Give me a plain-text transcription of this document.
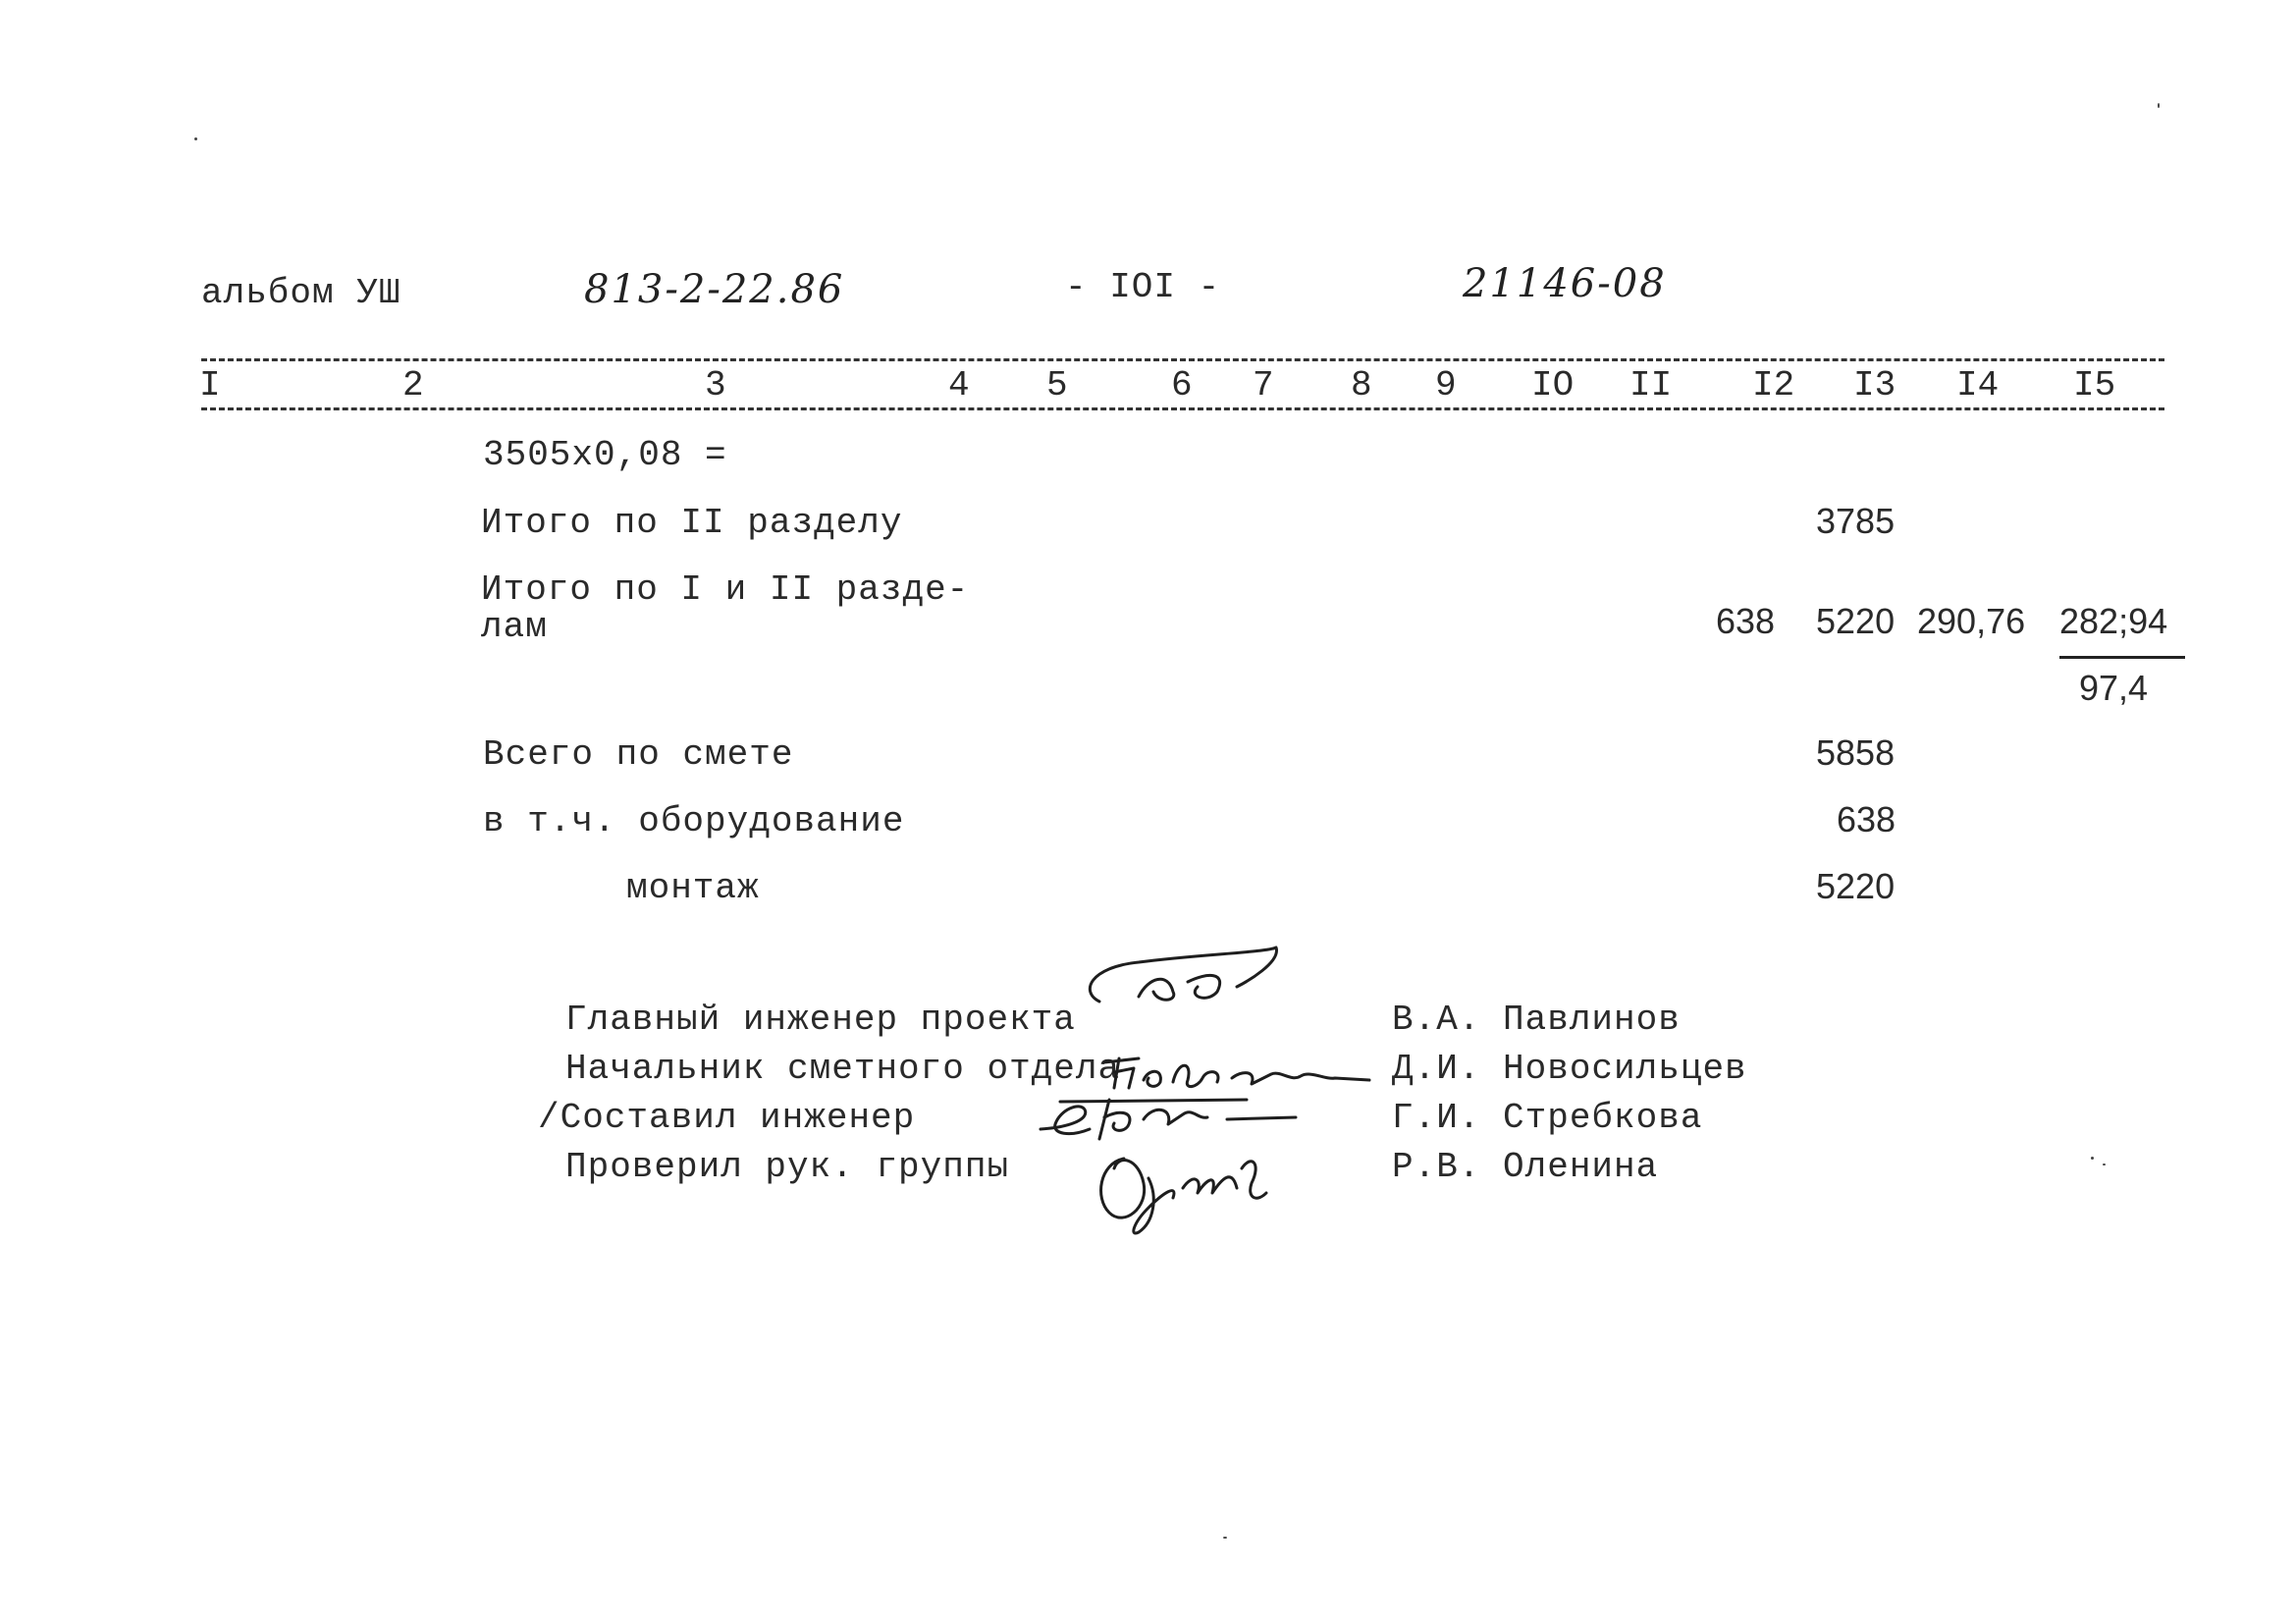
альбом УШ	813-2-22.86	- IOI -	21146-08
I	2	3	4 5	6 7 8 9 IO II I2 I3 I4 I5
3505x0,08 =
Итого по II разделу	3785
Итого по I и II разде-
лам	638 5220 290,76 282;94
97,4
Всего по смете	5858
в т.ч. оборудование	638
монтаж	5220
Главный инженер проекта	В.А. Павлинов
Начальник сметного отдела	Д.И. Новосильцев
/Составил инженер	Г.И. Стребкова
Проверил рук. группы	Р.В. Оленина
